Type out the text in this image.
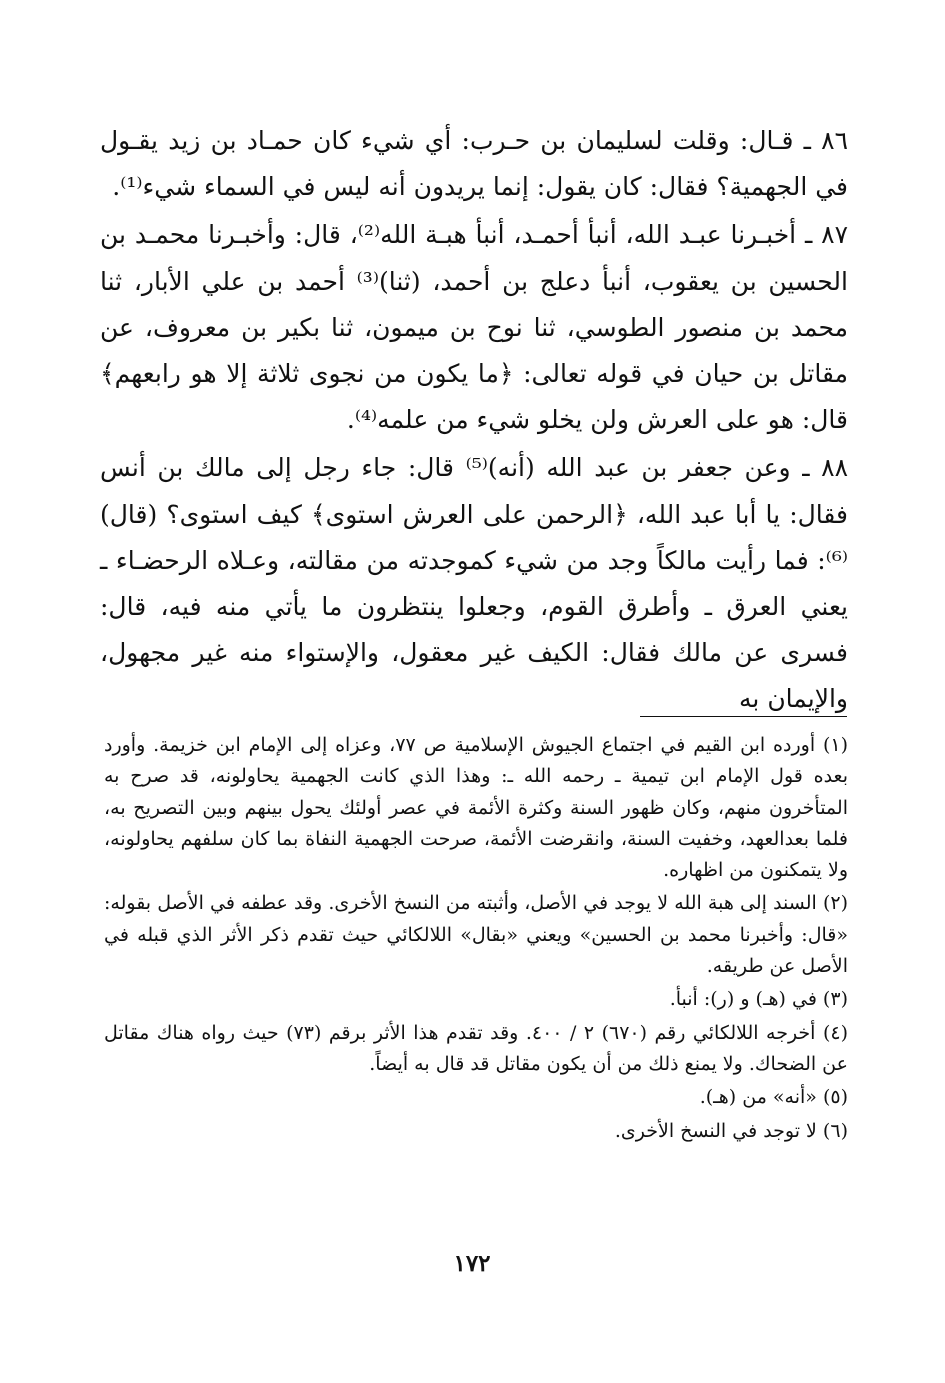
٨٦ ـ قـال: وقلت لسليمان بن حـرب: أي شيء كان حمـاد بن زيد يقـول في الجهمية؟ فقال: كان يقول: إنما يريدون أنه ليس في السماء شيء⁽¹⁾.

٨٧ ـ أخبـرنا عبـد الله، أنبأ أحمـد، أنبأ هبـة الله⁽²⁾، قال: وأخبـرنا محمـد بن الحسين بن يعقوب، أنبأ دعلج بن أحمد، (ثنا)⁽³⁾ أحمد بن علي الأبار، ثنا محمد بن منصور الطوسي، ثنا نوح بن ميمون، ثنا بكير بن معروف، عن مقاتل بن حيان في قوله تعالى: ﴿ما يكون من نجوى ثلاثة إلا هو رابعهم﴾ قال: هو على العرش ولن يخلو شيء من علمه⁽⁴⁾.

٨٨ ـ وعن جعفر بن عبد الله (أنه)⁽⁵⁾ قال: جاء رجل إلى مالك بن أنس فقال: يا أبا عبد الله، ﴿الرحمن على العرش استوى﴾ كيف استوى؟ (قال)⁽⁶⁾: فما رأيت مالكاً وجد من شيء كموجدته من مقالته، وعـلاه الرحضـاء ـ يعني العرق ـ وأطرق القوم، وجعلوا ينتظرون ما يأتي منه فيه، قال: فسرى عن مالك فقال: الكيف غير معقول، والإستواء منه غير مجهول، والإيمان به

(١) أورده ابن القيم في اجتماع الجيوش الإسلامية ص ٧٧، وعزاه إلى الإمام ابن خزيمة. وأورد بعده قول الإمام ابن تيمية ـ رحمه الله ـ: وهذا الذي كانت الجهمية يحاولونه، قد صرح به المتأخرون منهم، وكان ظهور السنة وكثرة الأئمة في عصر أولئك يحول بينهم وبين التصريح به، فلما بعدالعهد، وخفيت السنة، وانقرضت الأئمة، صرحت الجهمية النفاة بما كان سلفهم يحاولونه، ولا يتمكنون من اظهاره.

(٢) السند إلى هبة الله لا يوجد في الأصل، وأثبته من النسخ الأخرى. وقد عطفه في الأصل بقوله: «قال: وأخبرنا محمد بن الحسين» ويعني «بقال» اللالكائي حيث تقدم ذكر الأثر الذي قبله في الأصل عن طريقه.

(٣) في (هـ) و (ر): أنبأ.

(٤) أخرجه اللالكائي رقم (٦٧٠) ٢ / ٤٠٠. وقد تقدم هذا الأثر برقم (٧٣) حيث رواه هناك مقاتل عن الضحاك. ولا يمنع ذلك من أن يكون مقاتل قد قال به أيضاً.

(٥) «أنه» من (هـ).

(٦) لا توجد في النسخ الأخرى.

١٧٢
